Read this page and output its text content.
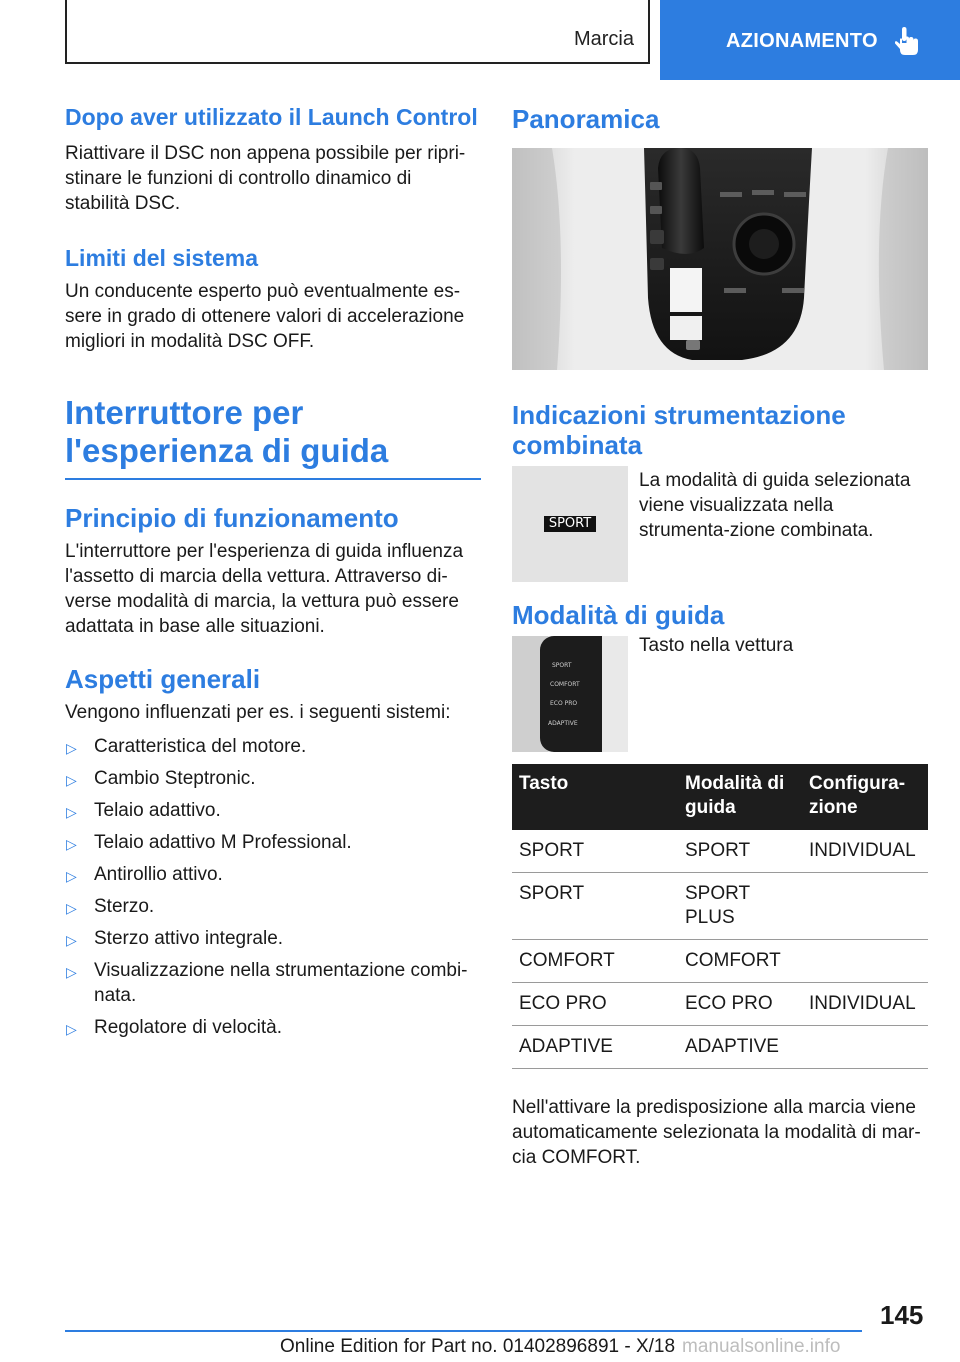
Marcia	AZIONAMENTO
Dopo aver utilizzato il Launch Control
Riattivare il DSC non appena possibile per ripri-stinare le funzioni di controllo dinamico di stabilità DSC.
Limiti del sistema
Un conducente esperto può eventualmente es-sere in grado di ottenere valori di accelerazione migliori in modalità DSC OFF.
Interruttore per l'esperienza di guida
Principio di funzionamento
L'interruttore per l'esperienza di guida influenza l'assetto di marcia della vettura. Attraverso di-verse modalità di marcia, la vettura può essere adattata in base alle situazioni.
Aspetti generali
Vengono influenzati per es. i seguenti sistemi:
▷ Caratteristica del motore.
▷ Cambio Steptronic.
▷ Telaio adattivo.
▷ Telaio adattivo M Professional.
▷ Antirollio attivo.
▷ Sterzo.
▷ Sterzo attivo integrale.
▷ Visualizzazione nella strumentazione combi-nata.
▷ Regolatore di velocità.
Panoramica
Indicazioni strumentazione combinata
SPORT
La modalità di guida selezionata viene visualizzata nella strumenta-zione combinata.
Modalità di guida
SPORT
COMFORT
ECO PRO
ADAPTIVE
Tasto nella vettura
Tasto	Modalità di guida	Configura-zione
SPORT	SPORT	INDIVIDUAL
SPORT	SPORT PLUS	
COMFORT	COMFORT	
ECO PRO	ECO PRO	INDIVIDUAL
ADAPTIVE	ADAPTIVE	
Nell'attivare la predisposizione alla marcia viene automaticamente selezionata la modalità di mar-cia COMFORT.
145
Online Edition for Part no. 01402896891 - X/18 manualsonline.info
